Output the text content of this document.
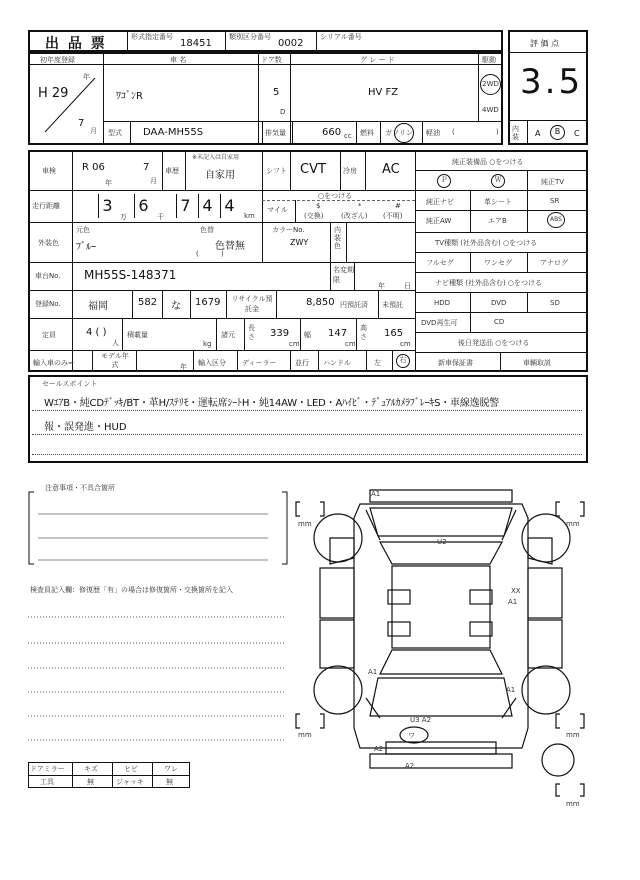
出 品 票	形式指定番号
18451
類別区分番号
0002
シリアル番号
評 価 点
3.5
内装	A	B	C
初年度登録
H 29
年
7
月
車 名
ﾜｺﾞﾝR
ドア数
5
D
グ レ ー ド
HV FZ
駆動
2WD
4WD
型式 DAA-MH55S	排気量	660 cc 燃料 ガソリン 軽油 (	)
車検	R 06
年
7
月
車歴
※未記入は自家用
自家用	シフト CVT 冷房 AC
走行距離	3 6 7 4 4
万	千	km
マイル
○をつける
$
(交換)
*
(改ざん)
#
(不明)
外装色
元色
ﾌﾞﾙｰ
色替
色替無
( )
カラーNo.
ZWY
内装色
車台No. MH55S-148371	名変期限
年	日
登録No.	福岡	582 な 1679 リサイクル預託金
8,850 円預託済 未預託
定員	4 ( )
人
積載量
kg
諸元
長さ 339
cm
幅 147
cm
高さ 165
cm
輸入車のみ⇒
モデル年式	年 輸入区分 ディーラー	並行 ハンドル	左	右
純正装備品 ○をつける
Ｐ	Ｗ	純正TV
純正ナビ	革シート	SR
純正AW	エアB	ABS
TV種類 (社外品含む) ○をつける
フルセグ	ワンセグ	アナログ
ナビ種類 (社外品含む) ○をつける
HDD	DVD	SD
DVD再生可	CD
後日発送品 ○をつける
新車保証書	車輌取説
セールスポイント
WｴｱB・純CDﾃﾞｯｷ/BT・革H/ｽﾃﾘﾓ・運転席ｼｰﾄH・純14AW・LED・Aﾊｲﾋﾞ・ﾃﾞｭｱﾙｶﾒﾗﾌﾞﾚｰｷS・車線逸脱警
報・誤発進・HUD
注意事項・不具合箇所
検査員記入欄：修復歴「有」の場合は修復箇所・交換箇所を記入
ドアミラー	キズ	ヒビ	ワレ
工具	無	ジャッキ	無
A1
U2
XX
A1
A1
A1
U3 A2
ワ
A2
A2
mm	mm
mm	mm
mm
